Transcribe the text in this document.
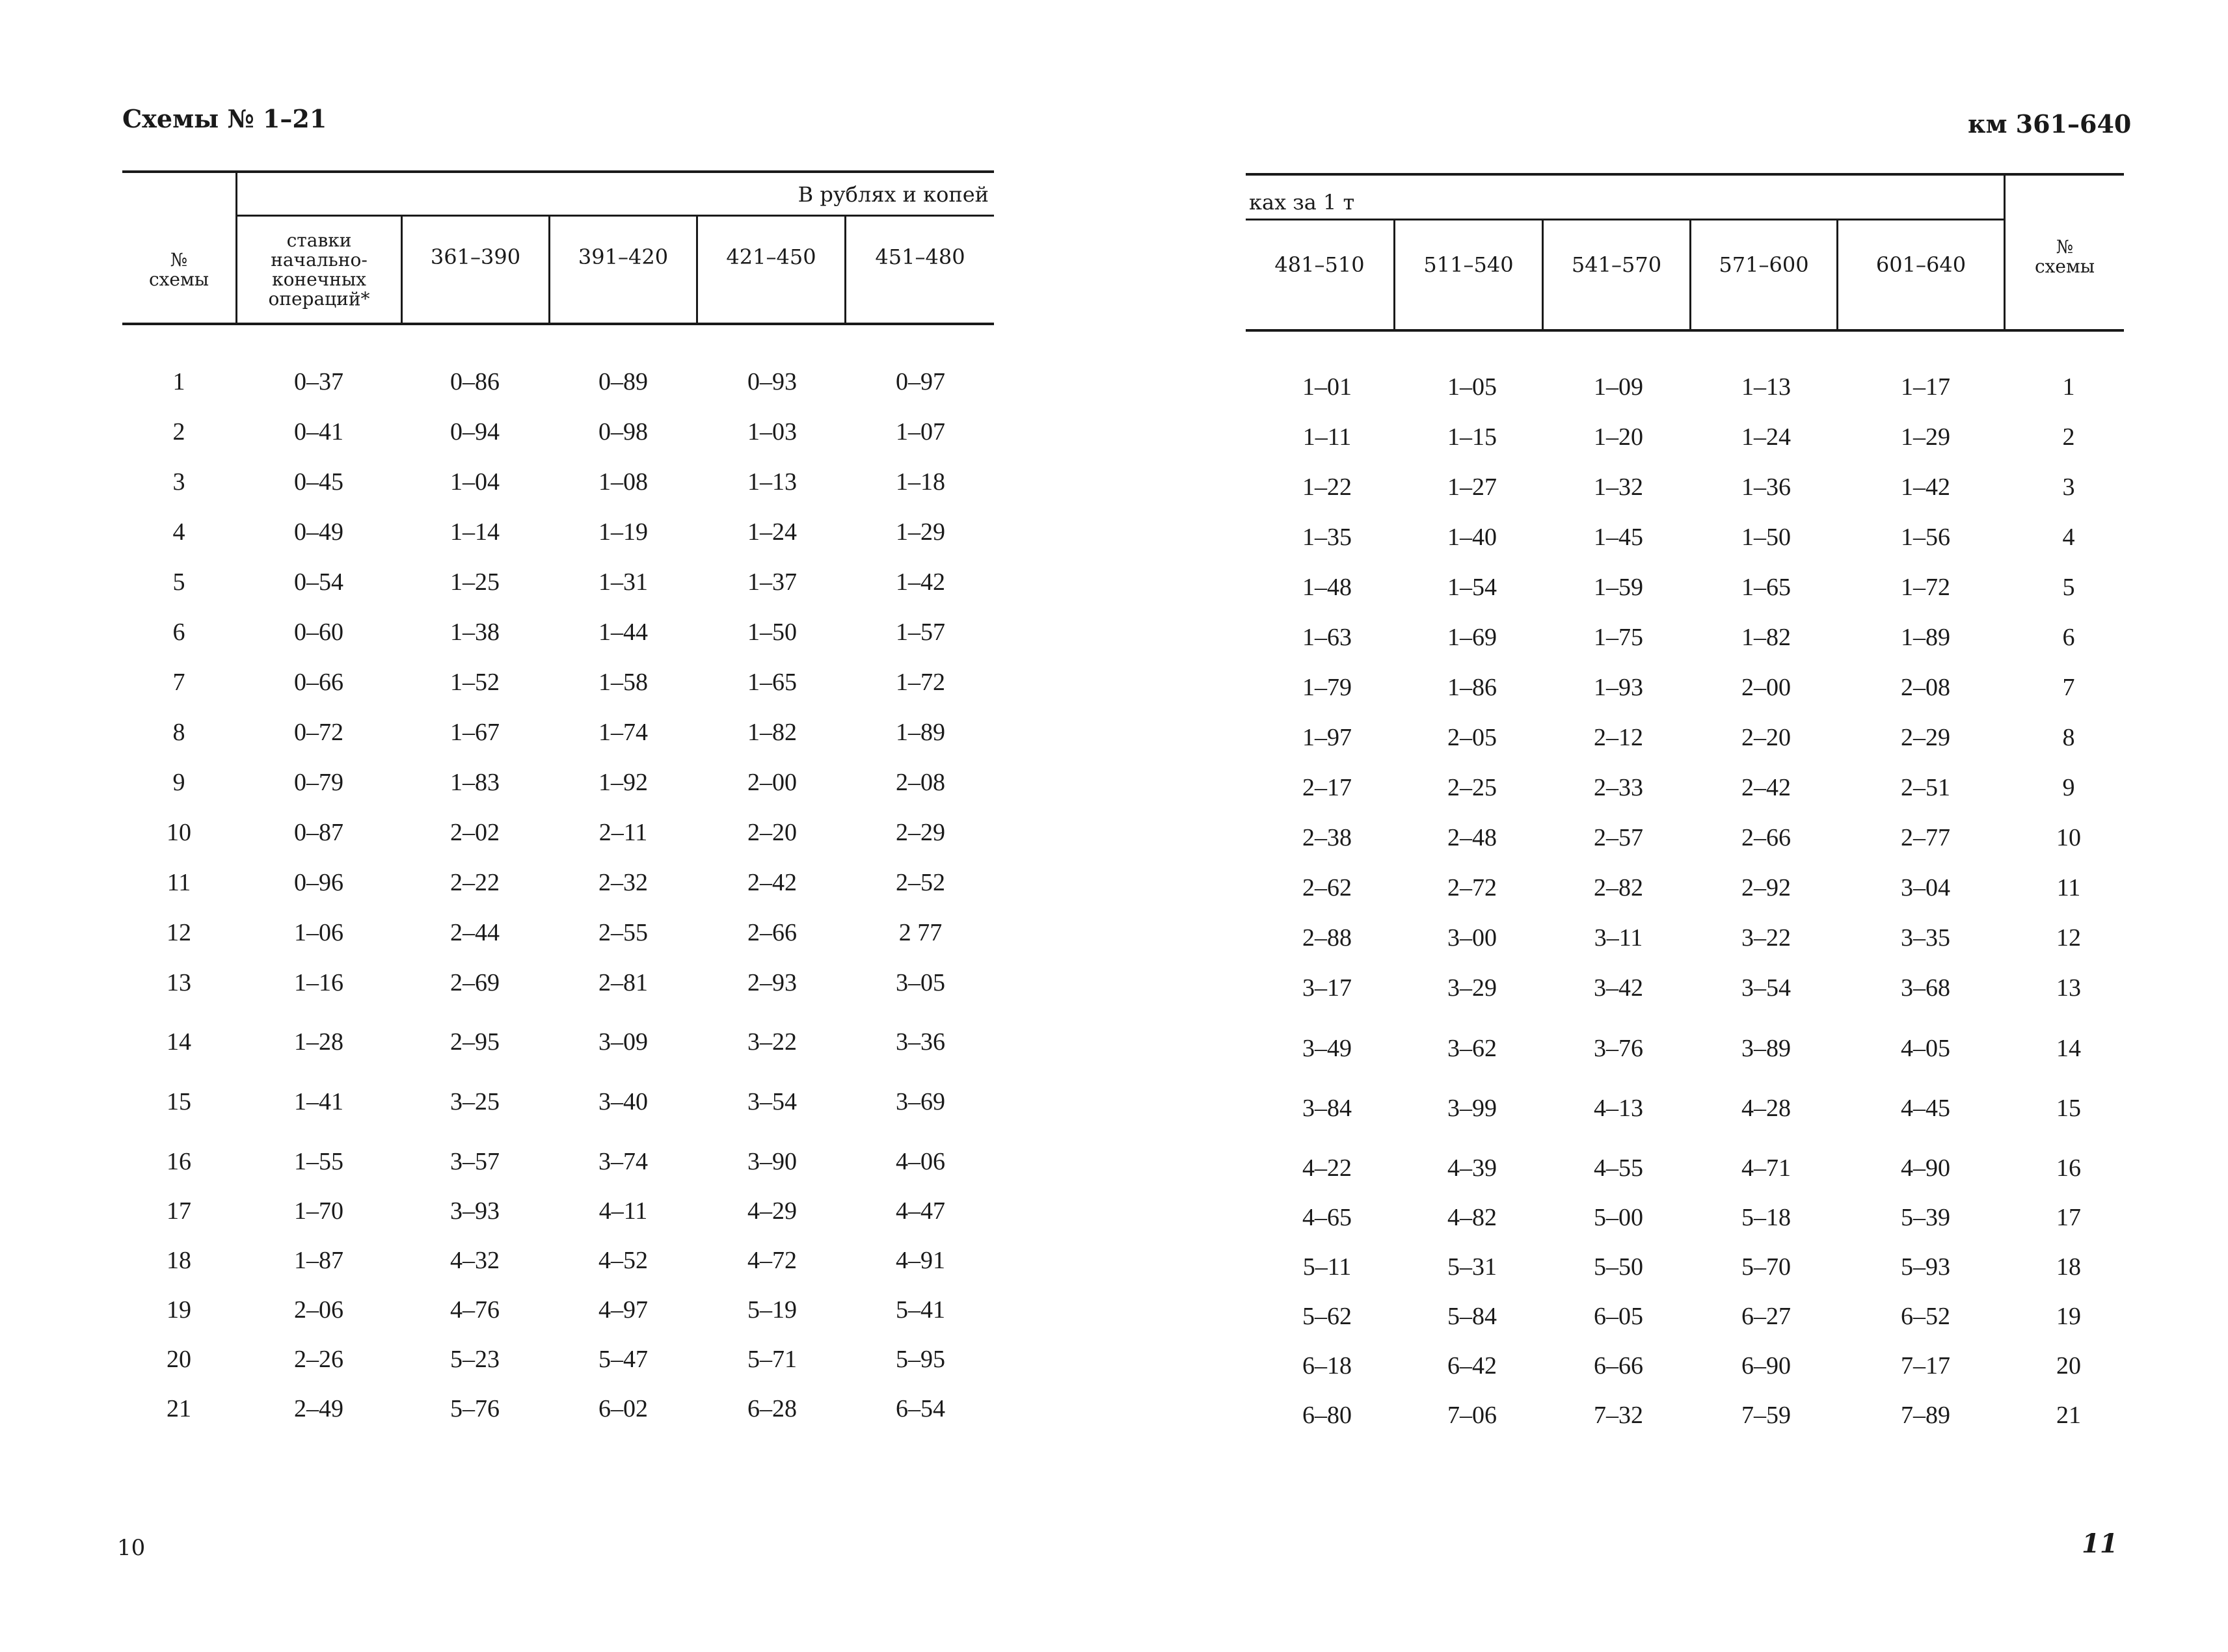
Схемы № 1–21	км 361–640
В рублях и копей
№ схемы
ставки начально-конечных операций*
361–390	391–420	421–450	451–480
ках за 1 т
481–510	511–540	541–570	571–600	601–640
№ схемы
1	0–37	0–86	0–89	0–93	0–97
2	0–41	0–94	0–98	1–03	1–07
3	0–45	1–04	1–08	1–13	1–18
4	0–49	1–14	1–19	1–24	1–29
5	0–54	1–25	1–31	1–37	1–42
6	0–60	1–38	1–44	1–50	1–57
7	0–66	1–52	1–58	1–65	1–72
8	0–72	1–67	1–74	1–82	1–89
9	0–79	1–83	1–92	2–00	2–08
10	0–87	2–02	2–11	2–20	2–29
11	0–96	2–22	2–32	2–42	2–52
12	1–06	2–44	2–55	2–66	2 77
13	1–16	2–69	2–81	2–93	3–05
14	1–28	2–95	3–09	3–22	3–36
15	1–41	3–25	3–40	3–54	3–69
16	1–55	3–57	3–74	3–90	4–06
17	1–70	3–93	4–11	4–29	4–47
18	1–87	4–32	4–52	4–72	4–91
19	2–06	4–76	4–97	5–19	5–41
20	2–26	5–23	5–47	5–71	5–95
21	2–49	5–76	6–02	6–28	6–54
1–01	1–05	1–09	1–13	1–17	1
1–11	1–15	1–20	1–24	1–29	2
1–22	1–27	1–32	1–36	1–42	3
1–35	1–40	1–45	1–50	1–56	4
1–48	1–54	1–59	1–65	1–72	5
1–63	1–69	1–75	1–82	1–89	6
1–79	1–86	1–93	2–00	2–08	7
1–97	2–05	2–12	2–20	2–29	8
2–17	2–25	2–33	2–42	2–51	9
2–38	2–48	2–57	2–66	2–77	10
2–62	2–72	2–82	2–92	3–04	11
2–88	3–00	3–11	3–22	3–35	12
3–17	3–29	3–42	3–54	3–68	13
3–49	3–62	3–76	3–89	4–05	14
3–84	3–99	4–13	4–28	4–45	15
4–22	4–39	4–55	4–71	4–90	16
4–65	4–82	5–00	5–18	5–39	17
5–11	5–31	5–50	5–70	5–93	18
5–62	5–84	6–05	6–27	6–52	19
6–18	6–42	6–66	6–90	7–17	20
6–80	7–06	7–32	7–59	7–89	21
10	11
